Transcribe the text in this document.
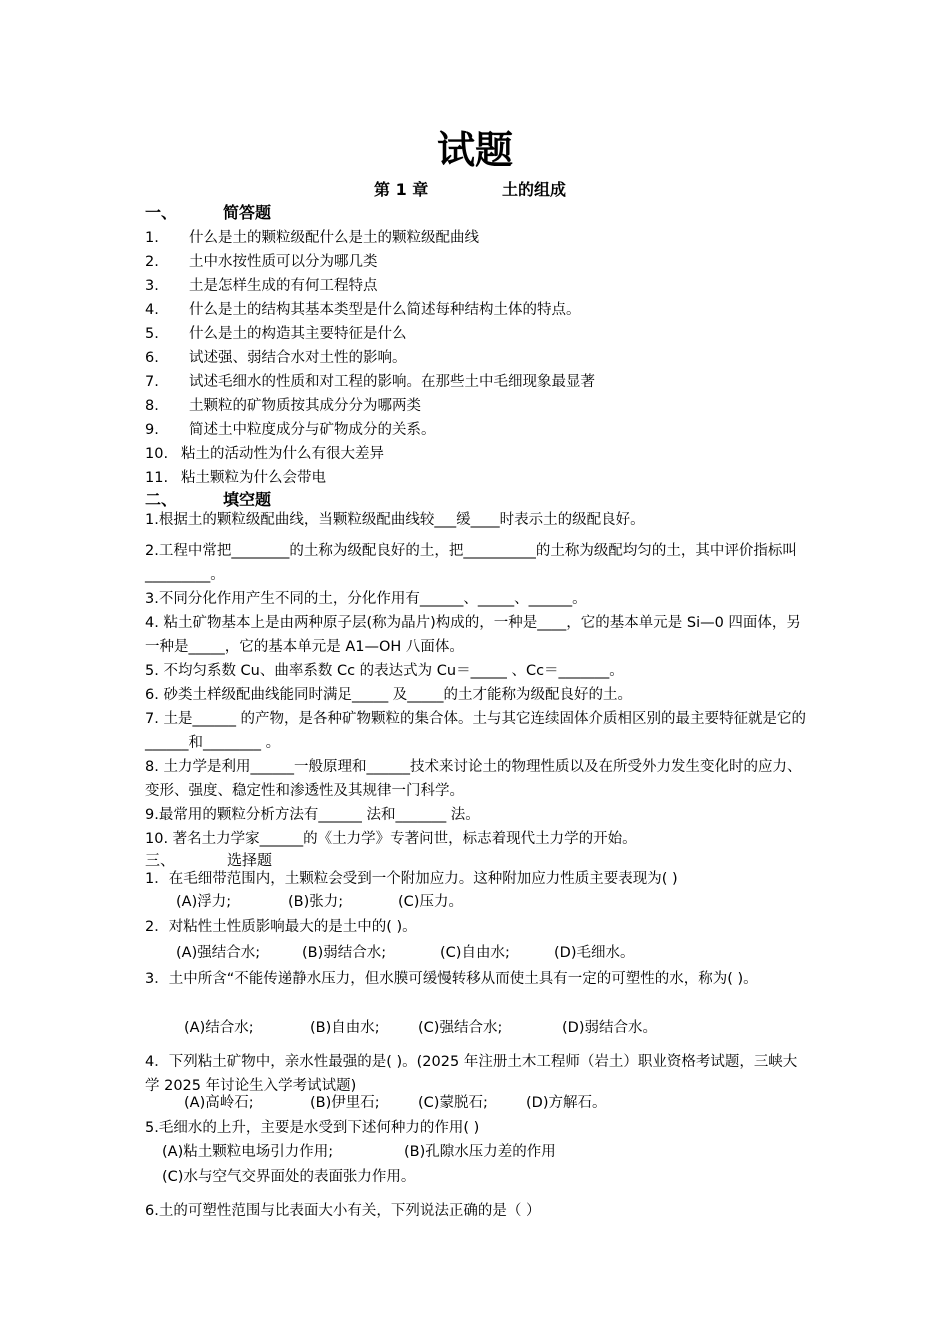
试题
第 1 章	土的组成
一、	简答题
1. 什么是土的颗粒级配什么是土的颗粒级配曲线
2. 土中水按性质可以分为哪几类
3. 土是怎样生成的有何工程特点
4. 什么是土的结构其基本类型是什么简述每种结构土体的特点。
5. 什么是土的构造其主要特征是什么
6. 试述强、弱结合水对土性的影响。
7. 试述毛细水的性质和对工程的影响。在那些土中毛细现象最显著
8. 土颗粒的矿物质按其成分分为哪两类
9. 简述土中粒度成分与矿物成分的关系。
10. 粘土的活动性为什么有很大差异
11. 粘土颗粒为什么会带电
二、	填空题
1.根据土的颗粒级配曲线，当颗粒级配曲线较___缓____时表示土的级配良好。
2.工程中常把________的土称为级配良好的土，把__________的土称为级配均匀的土，其中评价指标叫_________。
3.不同分化作用产生不同的土，分化作用有______、_____、______。
4. 粘土矿物基本上是由两种原子层(称为晶片)构成的，一种是____，它的基本单元是 Si—0 四面体，另一种是_____，它的基本单元是 A1—OH 八面体。
5. 不均匀系数 Cu、曲率系数 Cc 的表达式为 Cu＝_____ 、Cc＝_______。
6. 砂类土样级配曲线能同时满足_____ 及_____的土才能称为级配良好的土。
7. 土是______ 的产物，是各种矿物颗粒的集合体。土与其它连续固体介质相区别的最主要特征就是它的______和________ 。
8. 土力学是利用______一般原理和______技术来讨论土的物理性质以及在所受外力发生变化时的应力、变形、强度、稳定性和渗透性及其规律一门科学。
9.最常用的颗粒分析方法有______ 法和_______ 法。
10. 著名土力学家______的《土力学》专著问世，标志着现代土力学的开始。
三、	选择题
1．在毛细带范围内，土颗粒会受到一个附加应力。这种附加应力性质主要表现为( )
(A)浮力;	(B)张力;	(C)压力。
2．对粘性土性质影响最大的是土中的( )。
(A)强结合水;	(B)弱结合水;	(C)自由水;	(D)毛细水。
3．土中所含“不能传递静水压力，但水膜可缓慢转移从而使土具有一定的可塑性的水，称为( )。
(A)结合水;	(B)自由水;	(C)强结合水;	(D)弱结合水。
4．下列粘土矿物中，亲水性最强的是( )。(2025 年注册土木工程师（岩土）职业资格考试题，三峡大学 2025 年讨论生入学考试试题)
(A)高岭石;	(B)伊里石;	(C)蒙脱石;	(D)方解石。
5.毛细水的上升，主要是水受到下述何种力的作用( )
(A)粘土颗粒电场引力作用;	(B)孔隙水压力差的作用
(C)水与空气交界面处的表面张力作用。
6.土的可塑性范围与比表面大小有关，下列说法正确的是（ ）
